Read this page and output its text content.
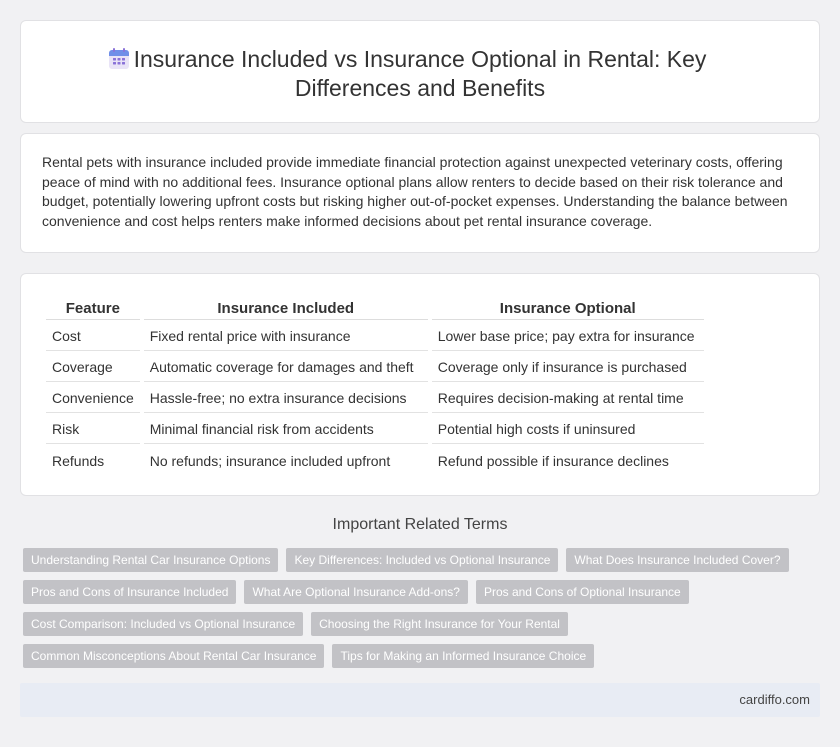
Insurance Included vs Insurance Optional in Rental: Key Differences and Benefits

Rental pets with insurance included provide immediate financial protection against unexpected veterinary costs, offering peace of mind with no additional fees. Insurance optional plans allow renters to decide based on their risk tolerance and budget, potentially lowering upfront costs but risking higher out-of-pocket expenses. Understanding the balance between convenience and cost helps renters make informed decisions about pet rental insurance coverage.

Feature	Insurance Included	Insurance Optional
Cost	Fixed rental price with insurance	Lower base price; pay extra for insurance
Coverage	Automatic coverage for damages and theft	Coverage only if insurance is purchased
Convenience	Hassle-free; no extra insurance decisions	Requires decision-making at rental time
Risk	Minimal financial risk from accidents	Potential high costs if uninsured
Refunds	No refunds; insurance included upfront	Refund possible if insurance declines
Important Related Terms
Understanding Rental Car Insurance Options	Key Differences: Included vs Optional Insurance	What Does Insurance Included Cover?
Pros and Cons of Insurance Included	What Are Optional Insurance Add-ons?	Pros and Cons of Optional Insurance
Cost Comparison: Included vs Optional Insurance	Choosing the Right Insurance for Your Rental
Common Misconceptions About Rental Car Insurance	Tips for Making an Informed Insurance Choice
cardiffo.com
